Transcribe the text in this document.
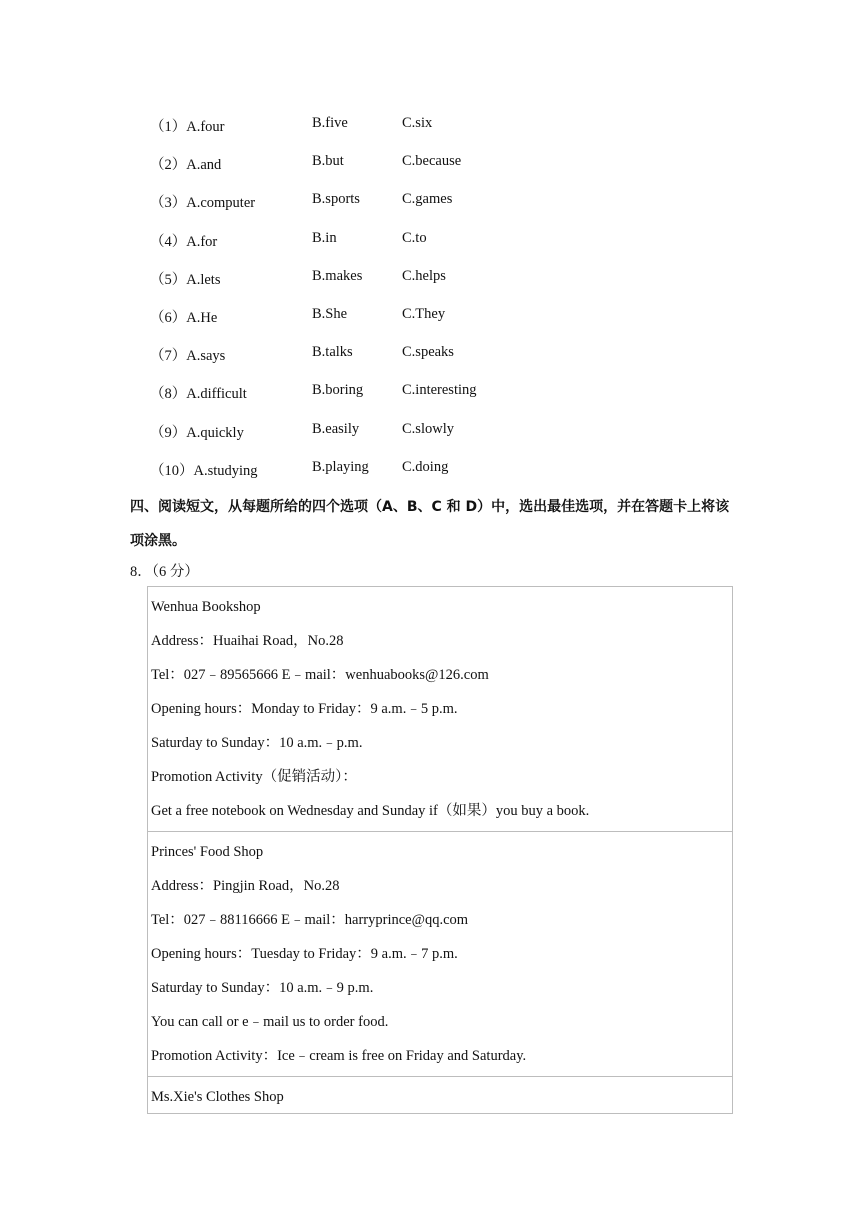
（1）A.four	B.five	C.six
（2）A.and	B.but	C.because
（3）A.computer	B.sports	C.games
（4）A.for	B.in	C.to
（5）A.lets	B.makes	C.helps
（6）A.He	B.She	C.They
（7）A.says	B.talks	C.speaks
（8）A.difficult	B.boring	C.interesting
（9）A.quickly	B.easily	C.slowly
（10）A.studying	B.playing C.doing
四、阅读短文，从每题所给的四个选项（A、B、C 和 D）中，选出最佳选项，并在答题卡上将该项涂黑。
8．（6 分）
Wenhua Bookshop
Address：Huaihai Road，No.28
Tel：027﹣89565666 E﹣mail：wenhuabooks@126.com
Opening hours：Monday to Friday：9 a.m.﹣5 p.m.
Saturday to Sunday：10 a.m.﹣p.m.
Promotion Activity（促销活动）：
Get a free notebook on Wednesday and Sunday if（如果）you buy a book.

Princes' Food Shop
Address：Pingjin Road，No.28
Tel：027﹣88116666 E﹣mail：harryprince@qq.com
Opening hours：Tuesday to Friday：9 a.m.﹣7 p.m.
Saturday to Sunday：10 a.m.﹣9 p.m.
You can call or e﹣mail us to order food.
Promotion Activity：Ice﹣cream is free on Friday and Saturday.

Ms.Xie's Clothes Shop
